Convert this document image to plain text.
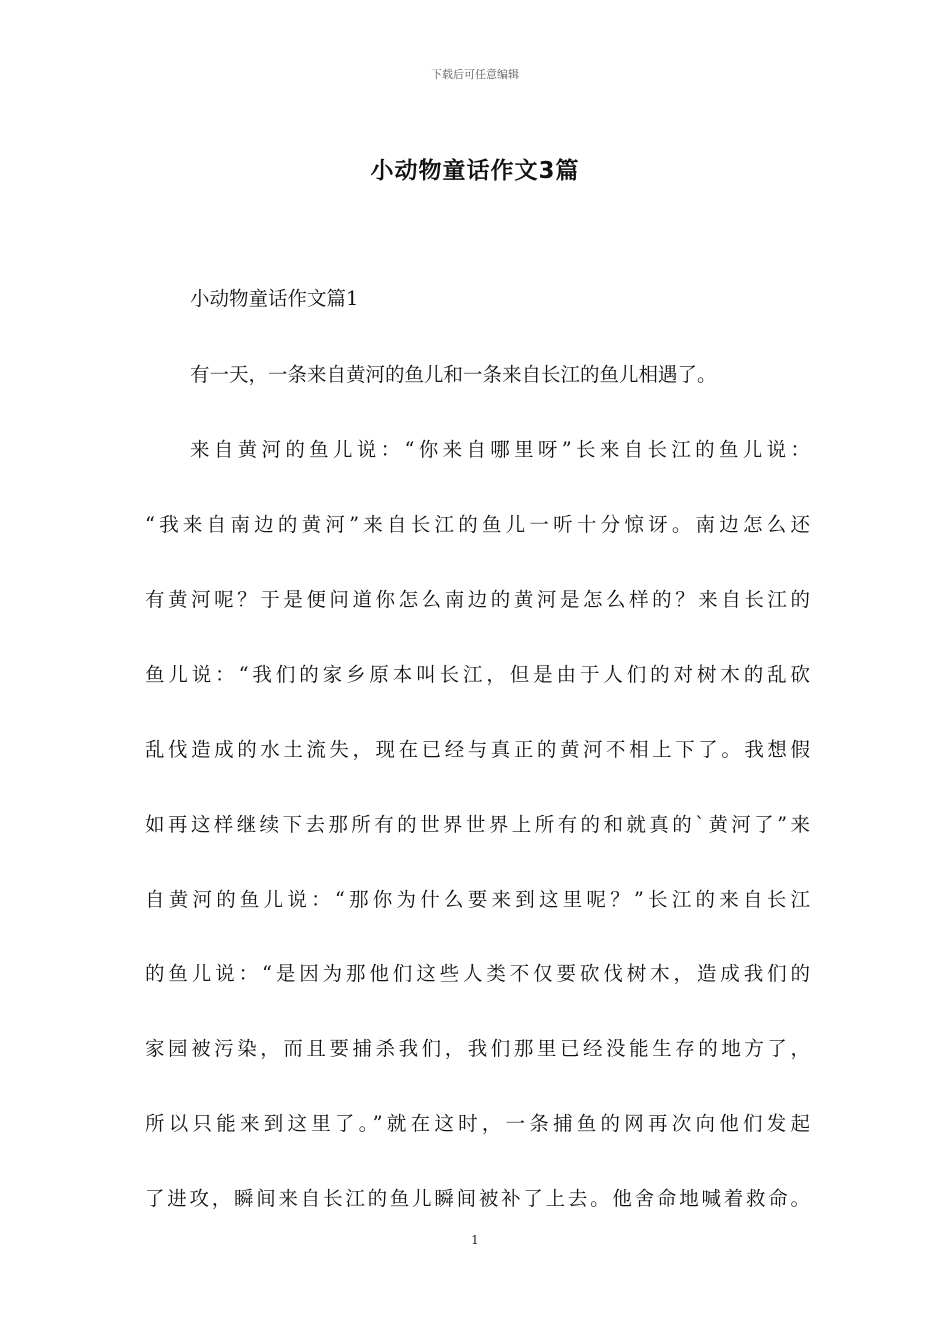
下载后可任意编辑
小动物童话作文3篇
小动物童话作文篇1
有一天，一条来自黄河的鱼儿和一条来自长江的鱼儿相遇了。
来自黄河的鱼儿说：“你来自哪里呀”长来自长江的鱼儿说：
“我来自南边的黄河”来自长江的鱼儿一听十分惊讶。南边怎么还
有黄河呢？于是便问道你怎么南边的黄河是怎么样的？来自长江的
鱼儿说：“我们的家乡原本叫长江，但是由于人们的对树木的乱砍
乱伐造成的水土流失，现在已经与真正的黄河不相上下了。我想假
如再这样继续下去那所有的世界世界上所有的和就真的`黄河了”来
自黄河的鱼儿说：“那你为什么要来到这里呢？”长江的来自长江
的鱼儿说：“是因为那他们这些人类不仅要砍伐树木，造成我们的
家园被污染，而且要捕杀我们，我们那里已经没能生存的地方了，
所以只能来到这里了。”就在这时，一条捕鱼的网再次向他们发起
了进攻，瞬间来自长江的鱼儿瞬间被补了上去。他舍命地喊着救命。
1
